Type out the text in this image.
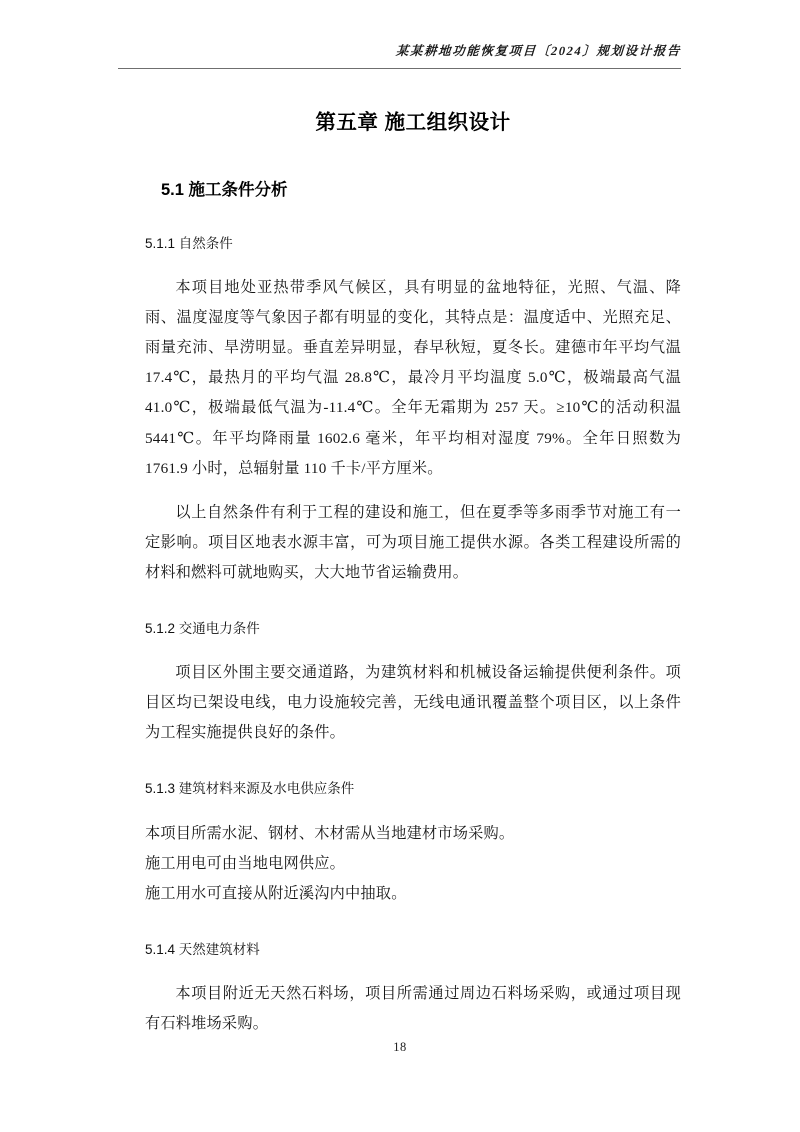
某某耕地功能恢复项目〔2024〕规划设计报告
第五章 施工组织设计
5.1 施工条件分析
5.1.1 自然条件

本项目地处亚热带季风气候区，具有明显的盆地特征，光照、气温、降雨、温度湿度等气象因子都有明显的变化，其特点是：温度适中、光照充足、雨量充沛、旱涝明显。垂直差异明显，春早秋短，夏冬长。建德市年平均气温 17.4℃，最热月的平均气温 28.8℃，最冷月平均温度 5.0℃，极端最高气温 41.0℃，极端最低气温为-11.4℃。全年无霜期为 257 天。≥10℃的活动积温 5441℃。年平均降雨量 1602.6 毫米，年平均相对湿度 79%。全年日照数为 1761.9 小时，总辐射量 110 千卡/平方厘米。

以上自然条件有利于工程的建设和施工，但在夏季等多雨季节对施工有一定影响。项目区地表水源丰富，可为项目施工提供水源。各类工程建设所需的材料和燃料可就地购买，大大地节省运输费用。

5.1.2 交通电力条件

项目区外围主要交通道路，为建筑材料和机械设备运输提供便利条件。项目区均已架设电线，电力设施较完善，无线电通讯覆盖整个项目区，以上条件为工程实施提供良好的条件。

5.1.3 建筑材料来源及水电供应条件
本项目所需水泥、钢材、木材需从当地建材市场采购。
施工用电可由当地电网供应。
施工用水可直接从附近溪沟内中抽取。
5.1.4 天然建筑材料

本项目附近无天然石料场，项目所需通过周边石料场采购，或通过项目现有石料堆场采购。

18
